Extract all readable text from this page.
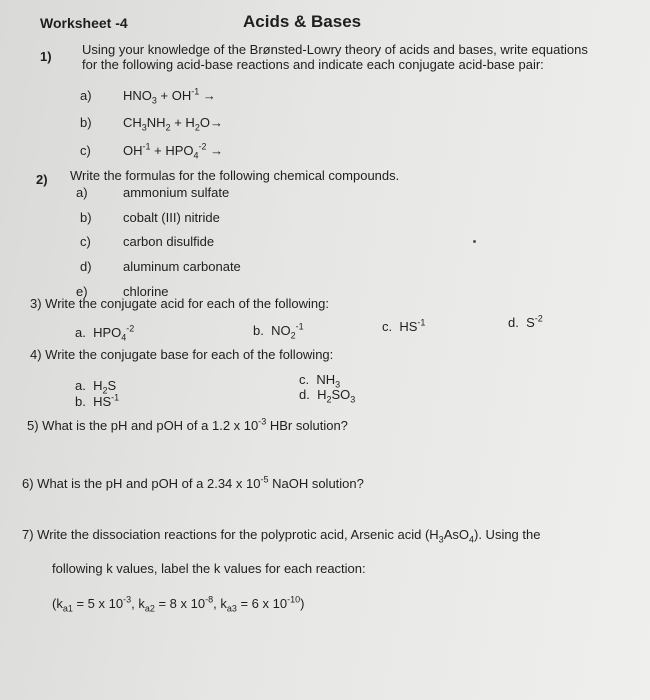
Worksheet -4	Acids & Bases
1) Using your knowledge of the Brønsted-Lowry theory of acids and bases, write equations
for the following acid-base reactions and indicate each conjugate acid-base pair:
a) $HNO_3 + OH^{-1}$ →
b) $CH_3NH_2 + H_2O\to$
c) $OH^{-1} + HPO_4^{-2}$ →
2) Write the formulas for the following chemical compounds.
a)	ammonium sulfate
b) cobalt (III) nitride
c) carbon disulfide
d) aluminum carbonate
e)	chlorine
3) Write the conjugate acid for each of the following:
a. $HPO_4^{-2}$	b. $NO_2^{-1}$	c. $HS^{-1}$	d. $S^{-2}$
4) Write the conjugate base for each of the following:
a. $H_2S$
b. $HS^{-1}$
c. $NH_3$
d. $H_2SO_3$
5) What is the pH and pOH of a 1.2 x $10^{-3}$ HBr solution?
6) What is the pH and pOH of a 2.34 x $10^{-5}$ NaOH solution?
7) Write the dissociation reactions for the polyprotic acid, Arsenic acid $(H_3AsO_4)$. Using the
following k values, label the k values for each reaction:
($k_{a1} = 5$ x $10^{-3}$, $k_{a2} = 8$ x $10^{-8}$, $k_{a3} = 6$ x $10^{-10}$)
